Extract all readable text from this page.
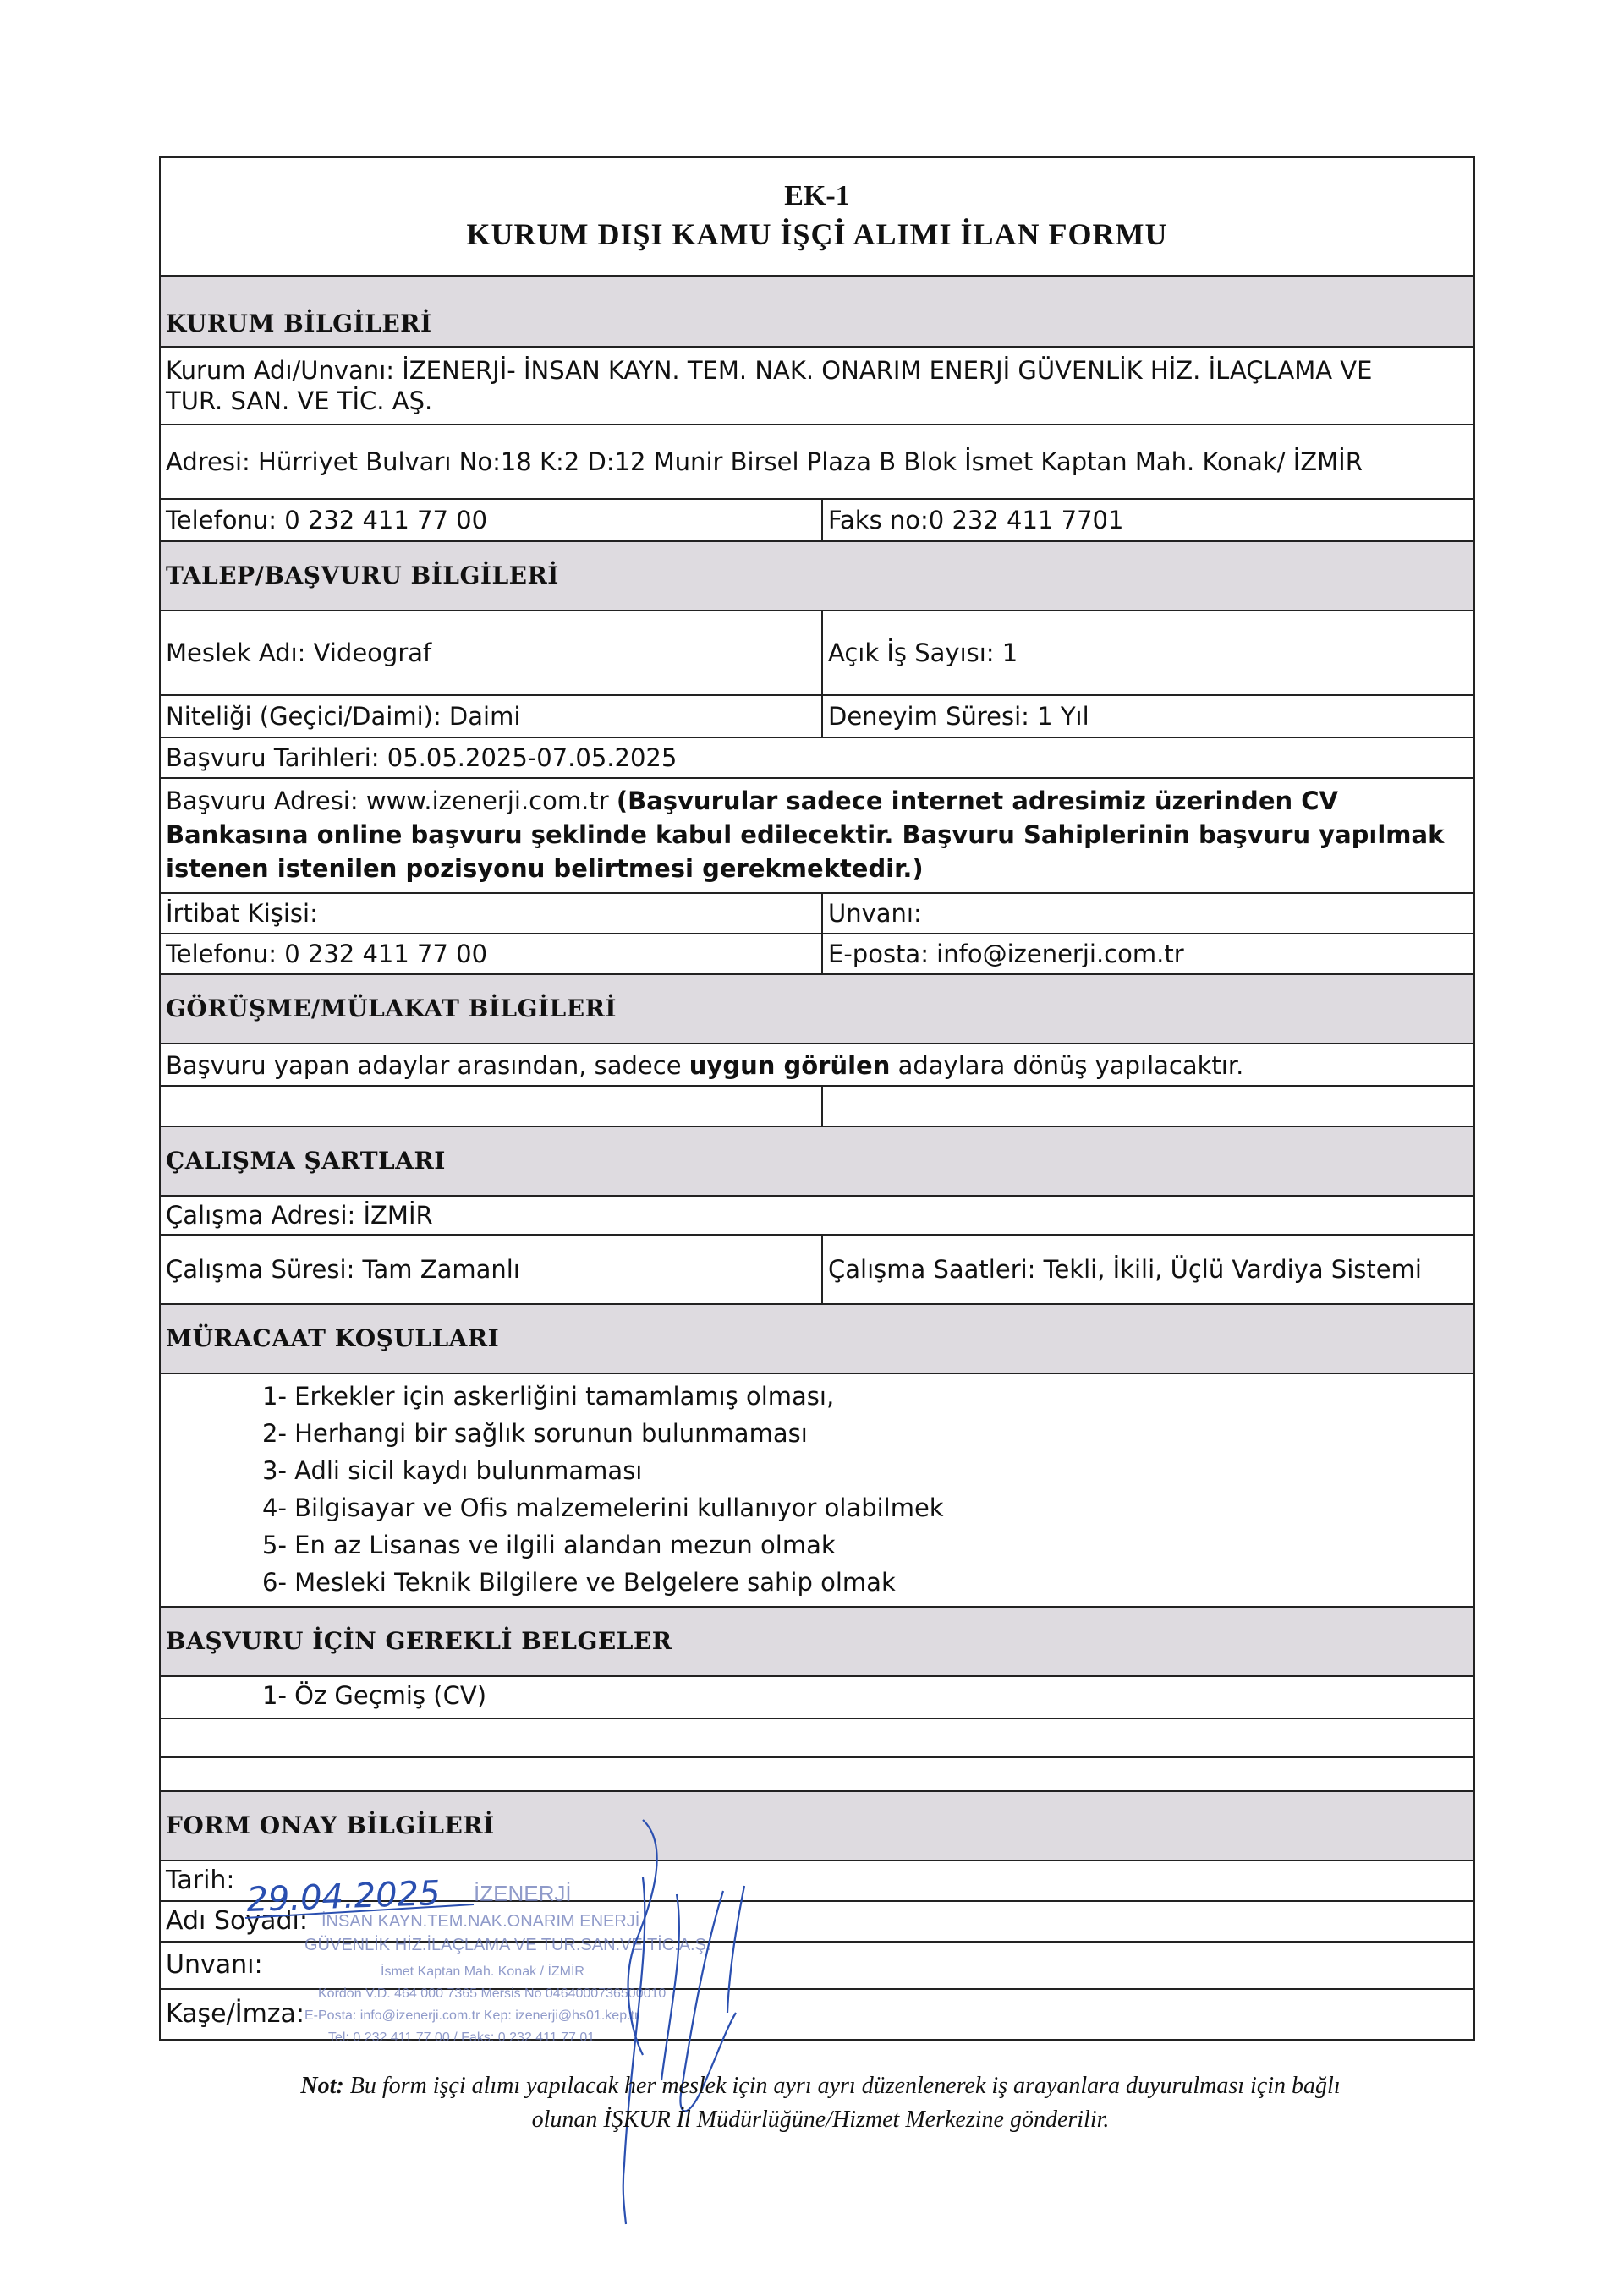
EK-1
KURUM DIŞI KAMU İŞÇİ ALIMI İLAN FORMU
KURUM BİLGİLERİ
Kurum Adı/Unvanı: İZENERJİ- İNSAN KAYN. TEM. NAK. ONARIM ENERJİ GÜVENLİK HİZ. İLAÇLAMA VE
TUR. SAN. VE TİC. AŞ.
Adresi: Hürriyet Bulvarı No:18 K:2 D:12 Munir Birsel Plaza B Blok İsmet Kaptan Mah. Konak/ İZMİR
Telefonu: 0 232 411 77 00	Faks no:0 232 411 7701
TALEP/BAŞVURU BİLGİLERİ
Meslek Adı: Videograf	Açık İş Sayısı: 1
Niteliği (Geçici/Daimi): Daimi	Deneyim Süresi: 1 Yıl
Başvuru Tarihleri: 05.05.2025-07.05.2025
Başvuru Adresi: www.izenerji.com.tr (Başvurular sadece internet adresimiz üzerinden CV
Bankasına online başvuru şeklinde kabul edilecektir. Başvuru Sahiplerinin başvuru yapılmak
istenen istenilen pozisyonu belirtmesi gerekmektedir.)
İrtibat Kişisi:	Unvanı:
Telefonu: 0 232 411 77 00	E-posta: info@izenerji.com.tr
GÖRÜŞME/MÜLAKAT BİLGİLERİ
Başvuru yapan adaylar arasından, sadece uygun görülen adaylara dönüş yapılacaktır.
ÇALIŞMA ŞARTLARI
Çalışma Adresi: İZMİR
Çalışma Süresi: Tam Zamanlı	Çalışma Saatleri: Tekli, İkili, Üçlü Vardiya Sistemi
MÜRACAAT KOŞULLARI
1- Erkekler için askerliğini tamamlamış olması,
2- Herhangi bir sağlık sorunun bulunmaması
3- Adli sicil kaydı bulunmaması
4- Bilgisayar ve Ofis malzemelerini kullanıyor olabilmek
5- En az Lisanas ve ilgili alandan mezun olmak
6- Mesleki Teknik Bilgilere ve Belgelere sahip olmak
BAŞVURU İÇİN GEREKLİ BELGELER
1- Öz Geçmiş (CV)
FORM ONAY BİLGİLERİ
Tarih:
Adı Soyadı:
Unvanı:
Kaşe/İmza:
29.04.2025 İZENERJİ
İNSAN KAYN.TEM.NAK.ONARIM ENERJİ
GÜVENLİK HİZ.İLAÇLAMA VE TUR.SAN.VE TİC.A.Ş.
İsmet Kaptan Mah. Konak / İZMİR
Kordon V.D. 464 000 7365 Mersis No 0464000736500010
E-Posta: info@izenerji.com.tr Kep: izenerji@hs01.kep.tr
Tel: 0 232 411 77 00 / Faks: 0 232 411 77 01
Not: Bu form işçi alımı yapılacak her meslek için ayrı ayrı düzenlenerek iş arayanlara duyurulması için bağlı
olunan İŞKUR İl Müdürlüğüne/Hizmet Merkezine gönderilir.
